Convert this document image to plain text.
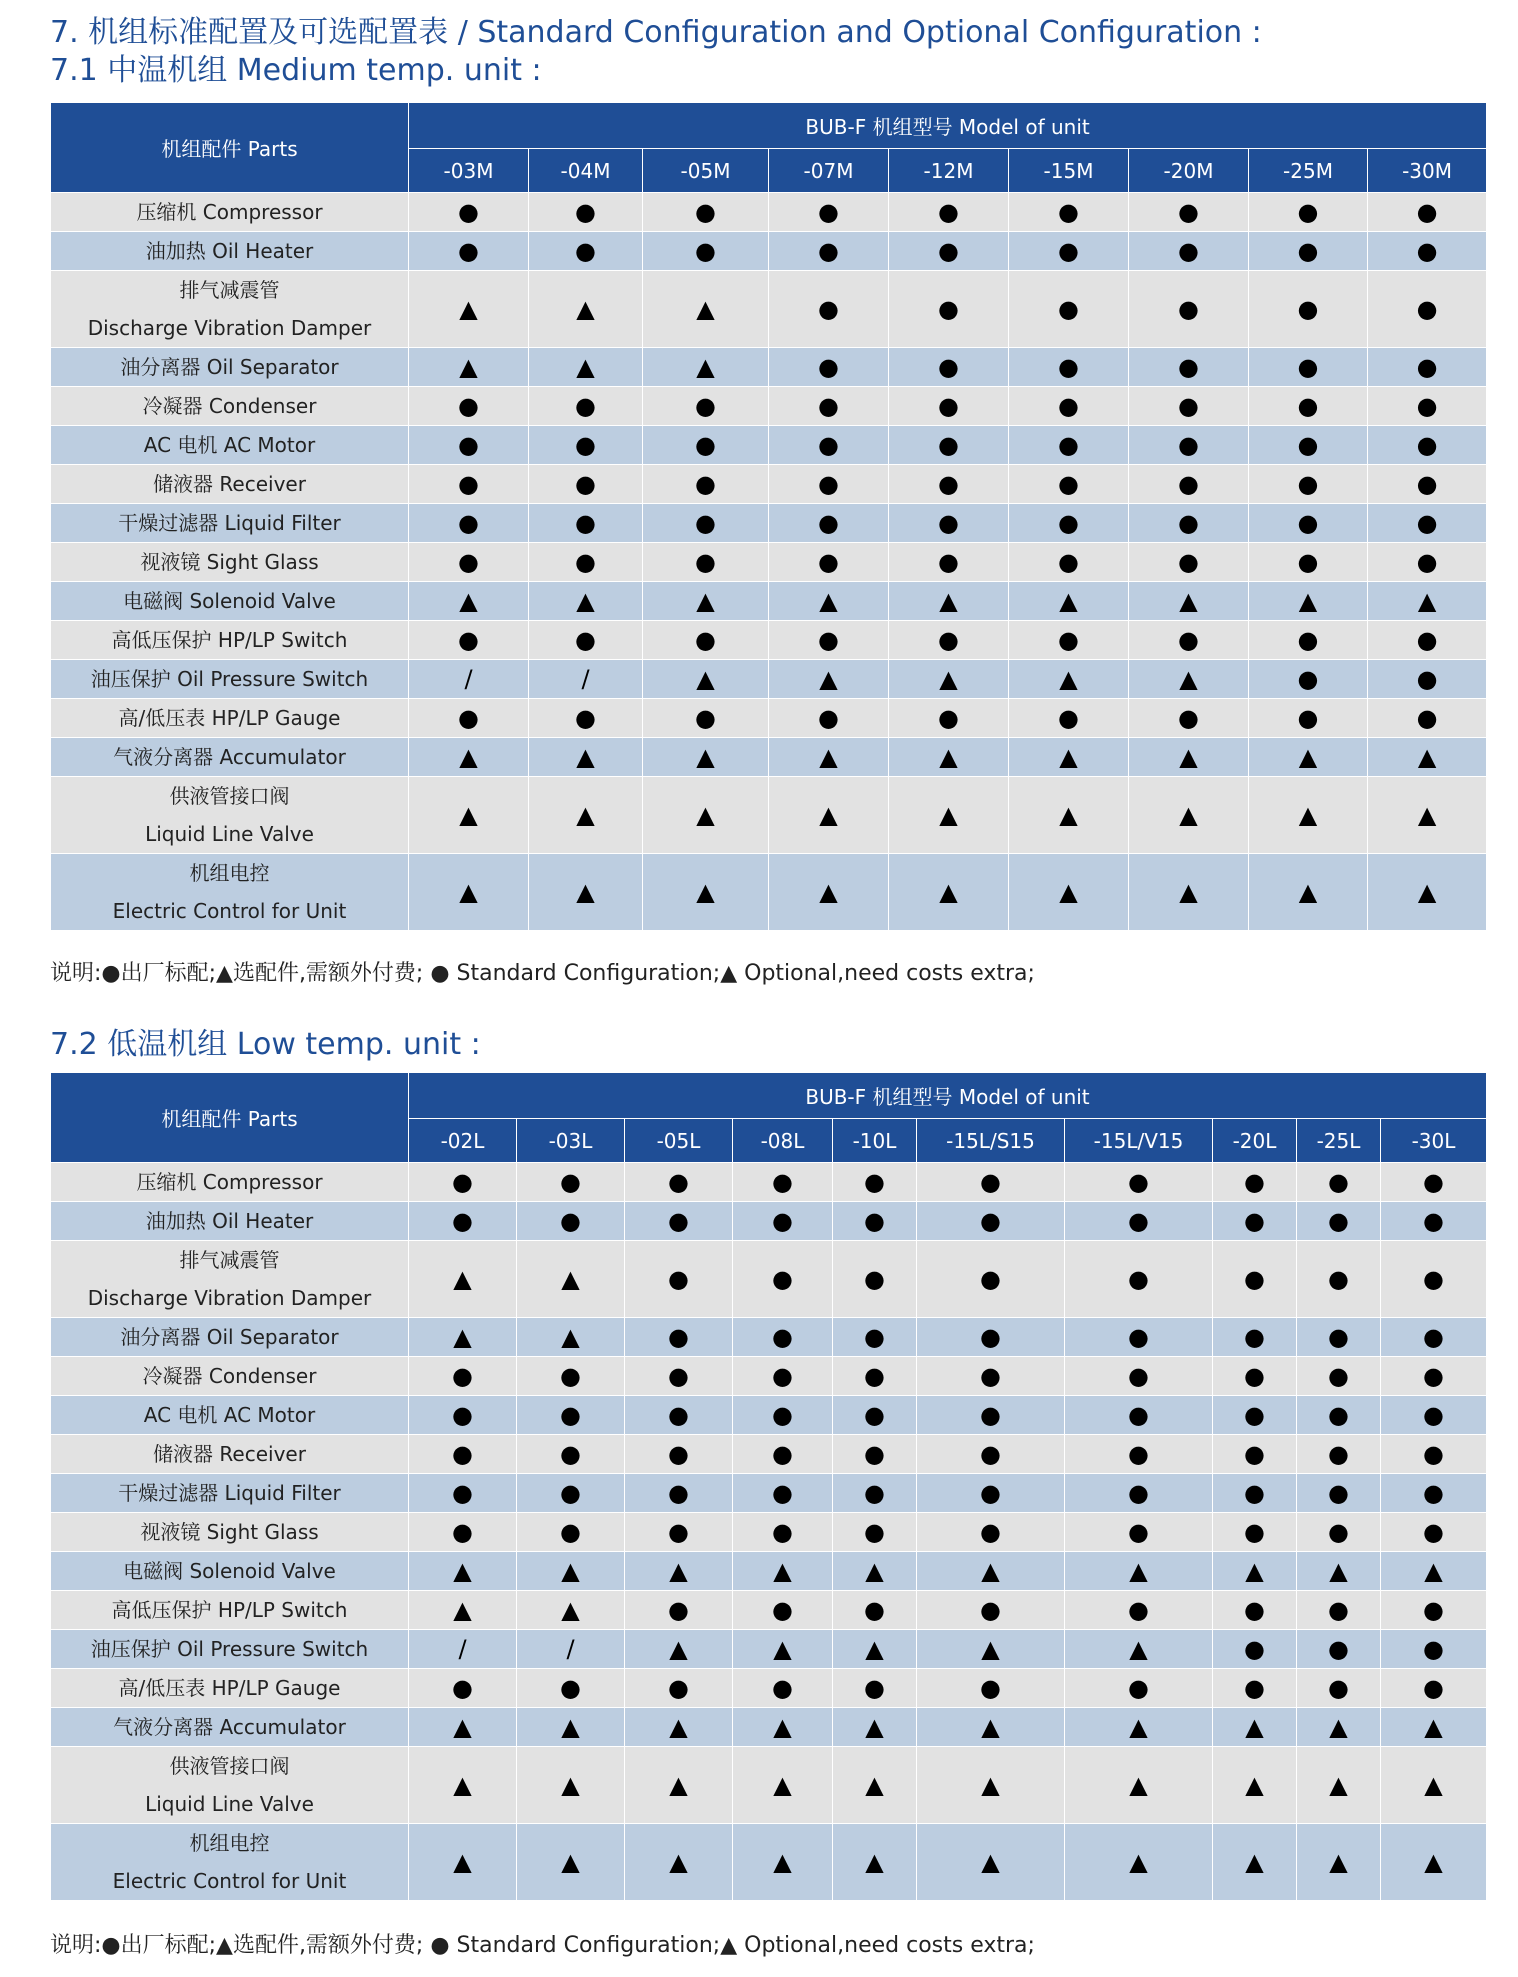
7. 机组标准配置及可选配置表 / Standard Configuration and Optional Configuration :
7.1 中温机组 Medium temp. unit :
机组配件 Parts	BUB-F 机组型号 Model of unit								
	-03M	-04M	-05M	-07M	-12M	-15M	-20M	-25M	-30M

压缩机 Compressor	●	●	●	●	●	●	●	●	●

油加热 Oil Heater	●	●	●	●	●	●	●	●	●

排气减震管
Discharge Vibration Damper	▲	▲	▲	●	●	●	●	●	●

油分离器 Oil Separator	▲	▲	▲	●	●	●	●	●	●

冷凝器 Condenser	●	●	●	●	●	●	●	●	●

AC 电机 AC Motor	●	●	●	●	●	●	●	●	●

储液器 Receiver	●	●	●	●	●	●	●	●	●

干燥过滤器 Liquid Filter	●	●	●	●	●	●	●	●	●

视液镜 Sight Glass	●	●	●	●	●	●	●	●	●

电磁阀 Solenoid Valve	▲	▲	▲	▲	▲	▲	▲	▲	▲

高低压保护 HP/LP Switch	●	●	●	●	●	●	●	●	●

油压保护 Oil Pressure Switch	/	/	▲	▲	▲	▲	▲	●	●

高/低压表 HP/LP Gauge	●	●	●	●	●	●	●	●	●

气液分离器 Accumulator	▲	▲	▲	▲	▲	▲	▲	▲	▲

供液管接口阀
Liquid Line Valve	▲	▲	▲	▲	▲	▲	▲	▲	▲

机组电控
Electric Control for Unit	▲	▲	▲	▲	▲	▲	▲	▲	▲

说明:●出厂标配;▲选配件,需额外付费; ● Standard Configuration;▲ Optional,need costs extra;

7.2 低温机组 Low temp. unit :
机组配件 Parts	BUB-F 机组型号 Model of unit									
	-02L	-03L	-05L	-08L	-10L	-15L/S15	-15L/V15	-20L	-25L	-30L

压缩机 Compressor	●	●	●	●	●	●	●	●	●	●

油加热 Oil Heater	●	●	●	●	●	●	●	●	●	●

排气减震管
Discharge Vibration Damper	▲	▲	●	●	●	●	●	●	●	●

油分离器 Oil Separator	▲	▲	●	●	●	●	●	●	●	●

冷凝器 Condenser	●	●	●	●	●	●	●	●	●	●

AC 电机 AC Motor	●	●	●	●	●	●	●	●	●	●

储液器 Receiver	●	●	●	●	●	●	●	●	●	●

干燥过滤器 Liquid Filter	●	●	●	●	●	●	●	●	●	●

视液镜 Sight Glass	●	●	●	●	●	●	●	●	●	●

电磁阀 Solenoid Valve	▲	▲	▲	▲	▲	▲	▲	▲	▲	▲

高低压保护 HP/LP Switch	▲	▲	●	●	●	●	●	●	●	●

油压保护 Oil Pressure Switch	/	/	▲	▲	▲	▲	▲	●	●	●

高/低压表 HP/LP Gauge	●	●	●	●	●	●	●	●	●	●

气液分离器 Accumulator	▲	▲	▲	▲	▲	▲	▲	▲	▲	▲

供液管接口阀
Liquid Line Valve	▲	▲	▲	▲	▲	▲	▲	▲	▲	▲

机组电控
Electric Control for Unit	▲	▲	▲	▲	▲	▲	▲	▲	▲	▲

说明:●出厂标配;▲选配件,需额外付费; ● Standard Configuration;▲ Optional,need costs extra;
